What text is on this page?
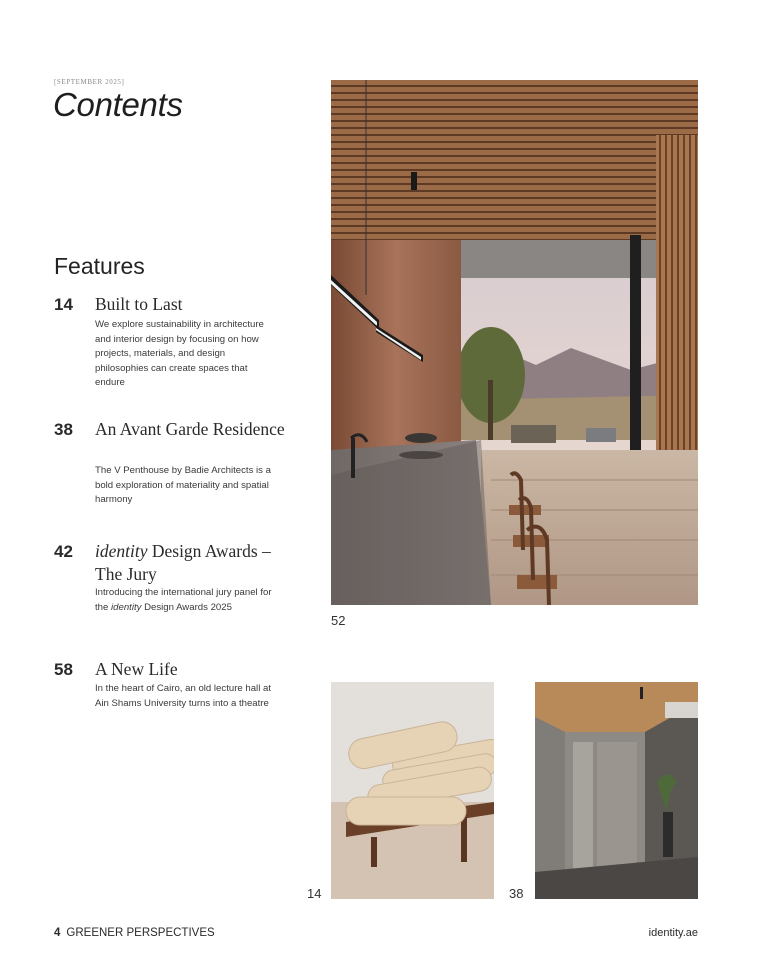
[SEPTEMBER 2025]
Contents
Features
14 Built to Last
We explore sustainability in architecture and interior design by focusing on how projects, materials, and design philosophies can create spaces that endure
38 An Avant Garde Residence
The V Penthouse by Badie Architects is a bold exploration of materiality and spatial harmony
42 identity Design Awards – The Jury
Introducing the international jury panel for the identity Design Awards 2025
58 A New Life
In the heart of Cairo, an old lecture hall at Ain Shams University turns into a theatre
52
14	38
4 GREENER PERSPECTIVES	identity.ae
